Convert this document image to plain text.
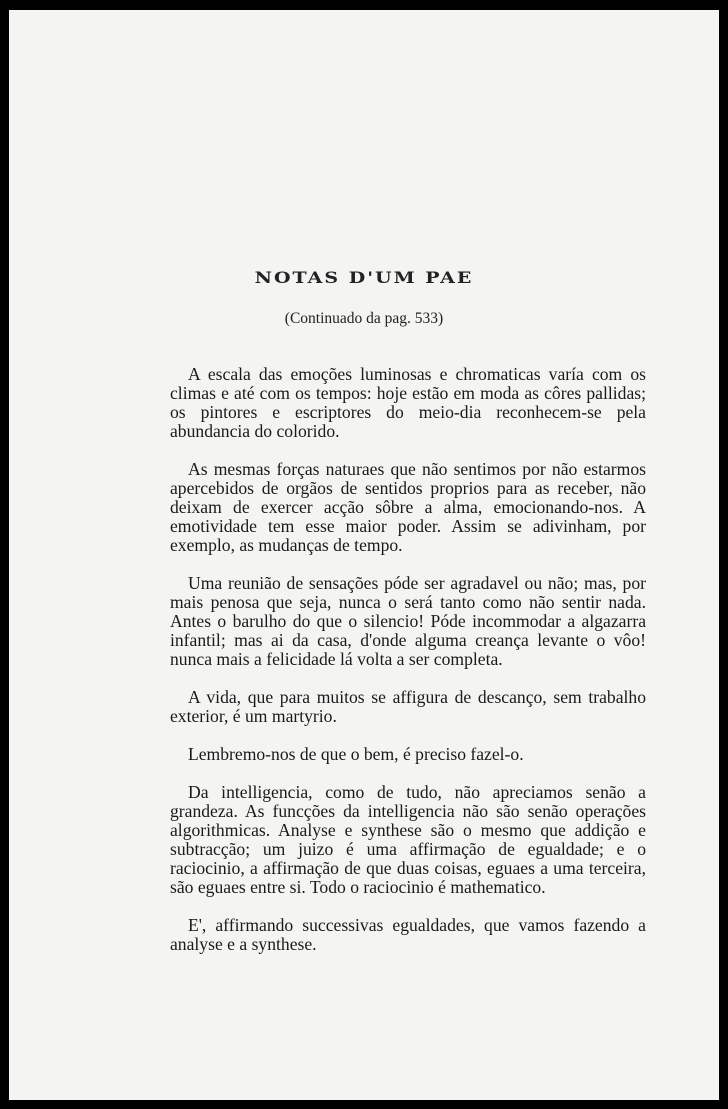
NOTAS D'UM PAE
(Continuado da pag. 533)

A escala das emoções luminosas e chromaticas varía com os climas e até com os tempos: hoje estão em moda as côres pallidas; os pintores e escriptores do meio-dia reconhecem-se pela abundancia do colorido.

As mesmas forças naturaes que não sentimos por não estarmos apercebidos de orgãos de sentidos proprios para as receber, não deixam de exercer acção sôbre a alma, emocionando-nos. A emotividade tem esse maior poder. Assim se adivinham, por exemplo, as mudanças de tempo.

Uma reunião de sensações póde ser agradavel ou não; mas, por mais penosa que seja, nunca o será tanto como não sentir nada. Antes o barulho do que o silencio! Póde incommodar a algazarra infantil; mas ai da casa, d'onde alguma creança levante o vôo! nunca mais a felicidade lá volta a ser completa.

A vida, que para muitos se affigura de descanço, sem trabalho exterior, é um martyrio.

Lembremo-nos de que o bem, é preciso fazel-o.

Da intelligencia, como de tudo, não apreciamos senão a grandeza. As funcções da intelligencia não são senão operações algorithmicas. Analyse e synthese são o mesmo que addição e subtracção; um juizo é uma affirmação de egualdade; e o raciocinio, a affirmação de que duas coisas, eguaes a uma terceira, são eguaes entre si. Todo o raciocinio é mathematico.

E', affirmando successivas egualdades, que vamos fazendo a analyse e a synthese.
